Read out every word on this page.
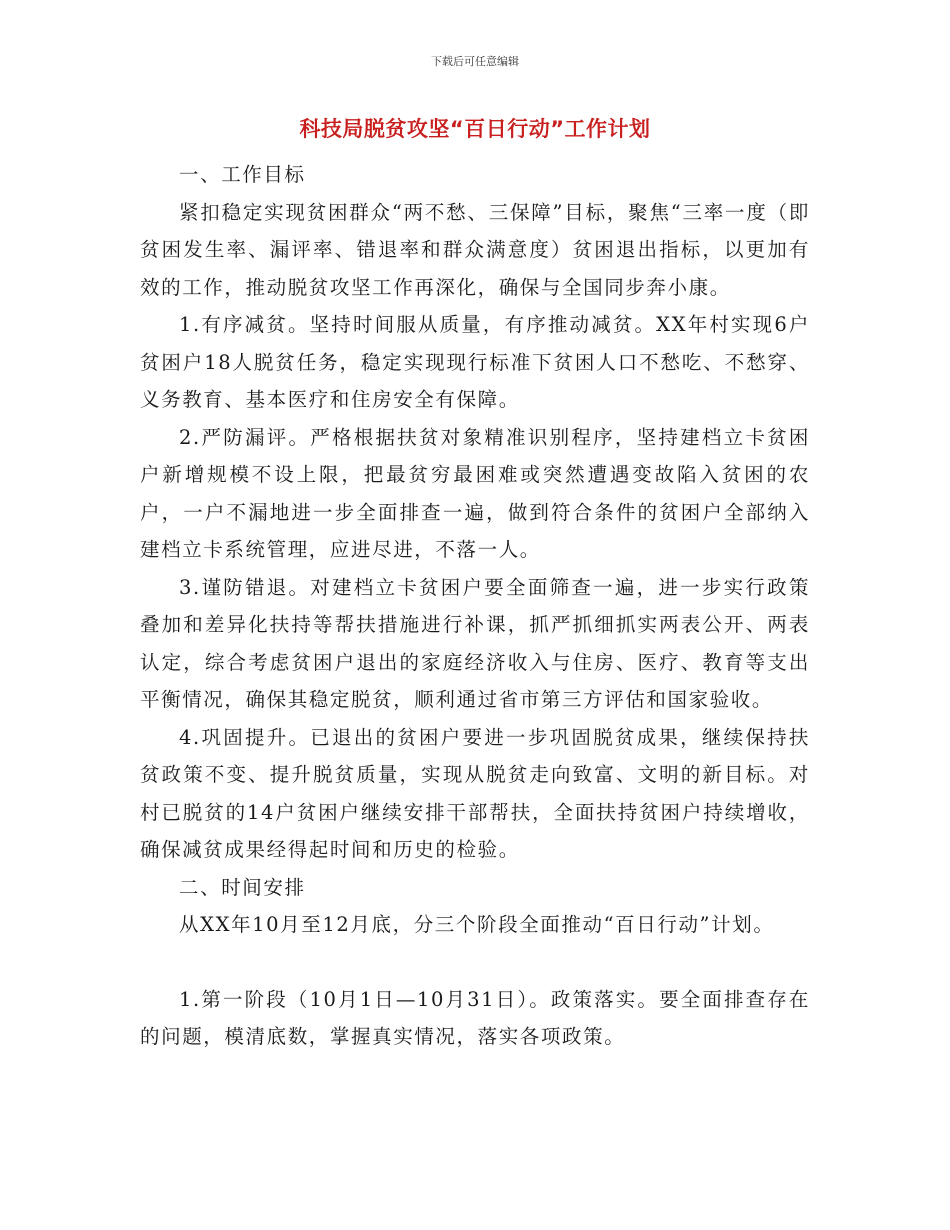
下载后可任意编辑
科技局脱贫攻坚“百日行动”工作计划

一、工作目标

紧扣稳定实现贫困群众“两不愁、三保障”目标，聚焦“三率一度（即贫困发生率、漏评率、错退率和群众满意度）贫困退出指标，以更加有效的工作，推动脱贫攻坚工作再深化，确保与全国同步奔小康。

1.有序减贫。坚持时间服从质量，有序推动减贫。XX年村实现6户贫困户18人脱贫任务，稳定实现现行标准下贫困人口不愁吃、不愁穿、义务教育、基本医疗和住房安全有保障。

2.严防漏评。严格根据扶贫对象精准识别程序，坚持建档立卡贫困户新增规模不设上限，把最贫穷最困难或突然遭遇变故陷入贫困的农户，一户不漏地进一步全面排查一遍，做到符合条件的贫困户全部纳入建档立卡系统管理，应进尽进，不落一人。

3.谨防错退。对建档立卡贫困户要全面筛查一遍，进一步实行政策叠加和差异化扶持等帮扶措施进行补课，抓严抓细抓实两表公开、两表认定，综合考虑贫困户退出的家庭经济收入与住房、医疗、教育等支出平衡情况，确保其稳定脱贫，顺利通过省市第三方评估和国家验收。

4.巩固提升。已退出的贫困户要进一步巩固脱贫成果，继续保持扶贫政策不变、提升脱贫质量，实现从脱贫走向致富、文明的新目标。对村已脱贫的14户贫困户继续安排干部帮扶，全面扶持贫困户持续增收，确保减贫成果经得起时间和历史的检验。

二、时间安排

从XX年10月至12月底，分三个阶段全面推动“百日行动”计划。

1.第一阶段（10月1日—10月31日）。政策落实。要全面排查存在的问题，模清底数，掌握真实情况，落实各项政策。
